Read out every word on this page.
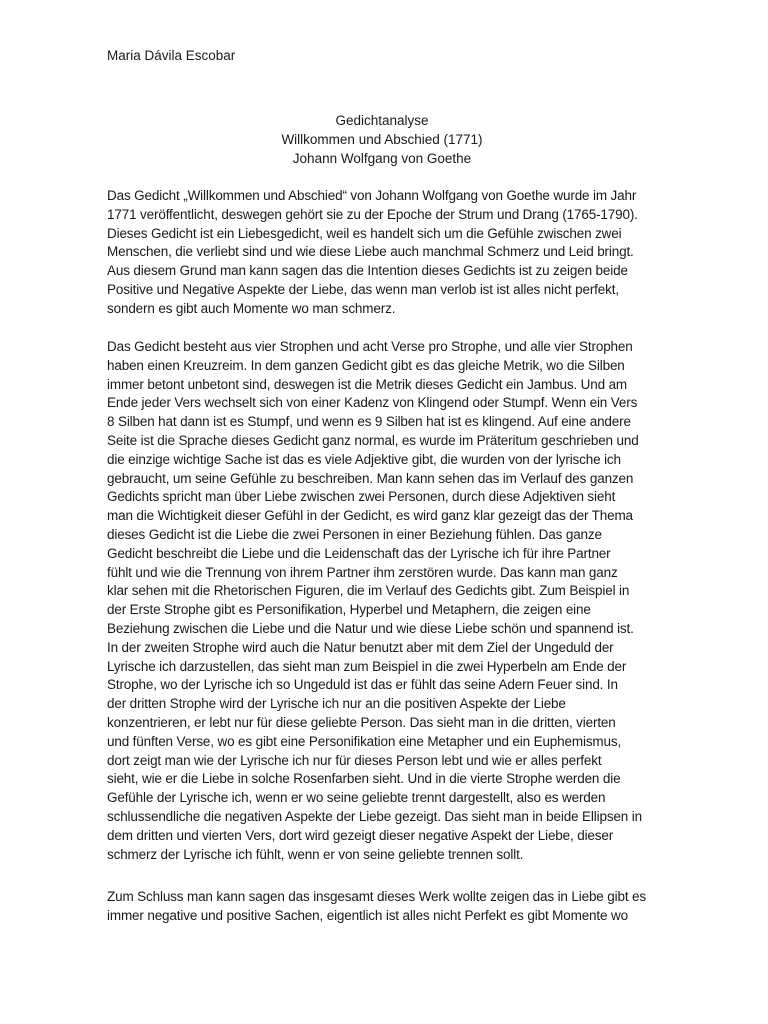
Maria Dávila Escobar
Gedichtanalyse
Willkommen und Abschied (1771)
Johann Wolfgang von Goethe
Das Gedicht „Willkommen und Abschied“ von Johann Wolfgang von Goethe wurde im Jahr
1771 veröffentlicht, deswegen gehört sie zu der Epoche der Strum und Drang (1765-1790).
Dieses Gedicht ist ein Liebesgedicht, weil es handelt sich um die Gefühle zwischen zwei
Menschen, die verliebt sind und wie diese Liebe auch manchmal Schmerz und Leid bringt.
Aus diesem Grund man kann sagen das die Intention dieses Gedichts ist zu zeigen beide
Positive und Negative Aspekte der Liebe, das wenn man verlob ist ist alles nicht perfekt,
sondern es gibt auch Momente wo man schmerz.
Das Gedicht besteht aus vier Strophen und acht Verse pro Strophe, und alle vier Strophen
haben einen Kreuzreim. In dem ganzen Gedicht gibt es das gleiche Metrik, wo die Silben
immer betont unbetont sind, deswegen ist die Metrik dieses Gedicht ein Jambus. Und am
Ende jeder Vers wechselt sich von einer Kadenz von Klingend oder Stumpf. Wenn ein Vers
8 Silben hat dann ist es Stumpf, und wenn es 9 Silben hat ist es klingend. Auf eine andere
Seite ist die Sprache dieses Gedicht ganz normal, es wurde im Präteritum geschrieben und
die einzige wichtige Sache ist das es viele Adjektive gibt, die wurden von der lyrische ich
gebraucht, um seine Gefühle zu beschreiben. Man kann sehen das im Verlauf des ganzen
Gedichts spricht man über Liebe zwischen zwei Personen, durch diese Adjektiven sieht
man die Wichtigkeit dieser Gefühl in der Gedicht, es wird ganz klar gezeigt das der Thema
dieses Gedicht ist die Liebe die zwei Personen in einer Beziehung fühlen. Das ganze
Gedicht beschreibt die Liebe und die Leidenschaft das der Lyrische ich für ihre Partner
fühlt und wie die Trennung von ihrem Partner ihm zerstören wurde. Das kann man ganz
klar sehen mit die Rhetorischen Figuren, die im Verlauf des Gedichts gibt. Zum Beispiel in
der Erste Strophe gibt es Personifikation, Hyperbel und Metaphern, die zeigen eine
Beziehung zwischen die Liebe und die Natur und wie diese Liebe schön und spannend ist.
In der zweiten Strophe wird auch die Natur benutzt aber mit dem Ziel der Ungeduld der
Lyrische ich darzustellen, das sieht man zum Beispiel in die zwei Hyperbeln am Ende der
Strophe, wo der Lyrische ich so Ungeduld ist das er fühlt das seine Adern Feuer sind. In
der dritten Strophe wird der Lyrische ich nur an die positiven Aspekte der Liebe
konzentrieren, er lebt nur für diese geliebte Person. Das sieht man in die dritten, vierten
und fünften Verse, wo es gibt eine Personifikation eine Metapher und ein Euphemismus,
dort zeigt man wie der Lyrische ich nur für dieses Person lebt und wie er alles perfekt
sieht, wie er die Liebe in solche Rosenfarben sieht. Und in die vierte Strophe werden die
Gefühle der Lyrische ich, wenn er wo seine geliebte trennt dargestellt, also es werden
schlussendliche die negativen Aspekte der Liebe gezeigt. Das sieht man in beide Ellipsen in
dem dritten und vierten Vers, dort wird gezeigt dieser negative Aspekt der Liebe, dieser
schmerz der Lyrische ich fühlt, wenn er von seine geliebte trennen sollt.
Zum Schluss man kann sagen das insgesamt dieses Werk wollte zeigen das in Liebe gibt es
immer negative und positive Sachen, eigentlich ist alles nicht Perfekt es gibt Momente wo
